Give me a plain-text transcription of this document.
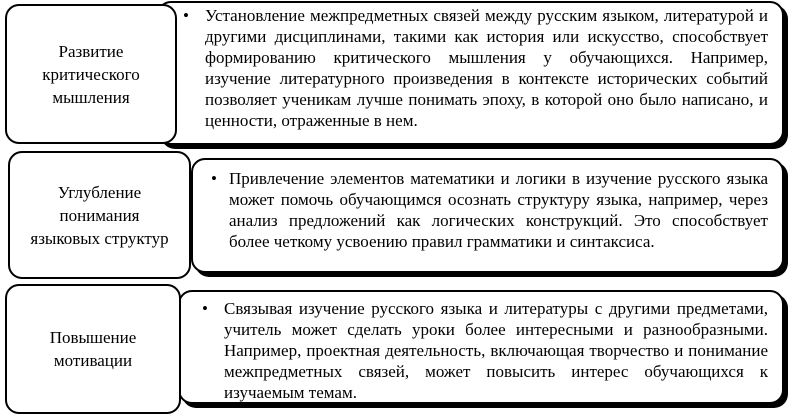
• Установление межпредметных связей между русским языком, литературой и другими дисциплинами, такими как история или искусство, способствует формированию критического мышления у обучающихся. Например, изучение литературного произведения в контексте исторических событий позволяет ученикам лучше понимать эпоху, в которой оно было написано, и ценности, отраженные в нем.
Развитие
критического
мышления
• Привлечение элементов математики и логики в изучение русского языка может помочь обучающимся осознать структуру языка, например, через анализ предложений как логических конструкций. Это способствует более четкому усвоению правил грамматики и синтаксиса.
Углубление
понимания
языковых структур
• Связывая изучение русского языка и литературы с другими предметами, учитель может сделать уроки более интересными и разнообразными. Например, проектная деятельность, включающая творчество и понимание межпредметных связей, может повысить интерес обучающихся к изучаемым темам.
Повышение
мотивации
